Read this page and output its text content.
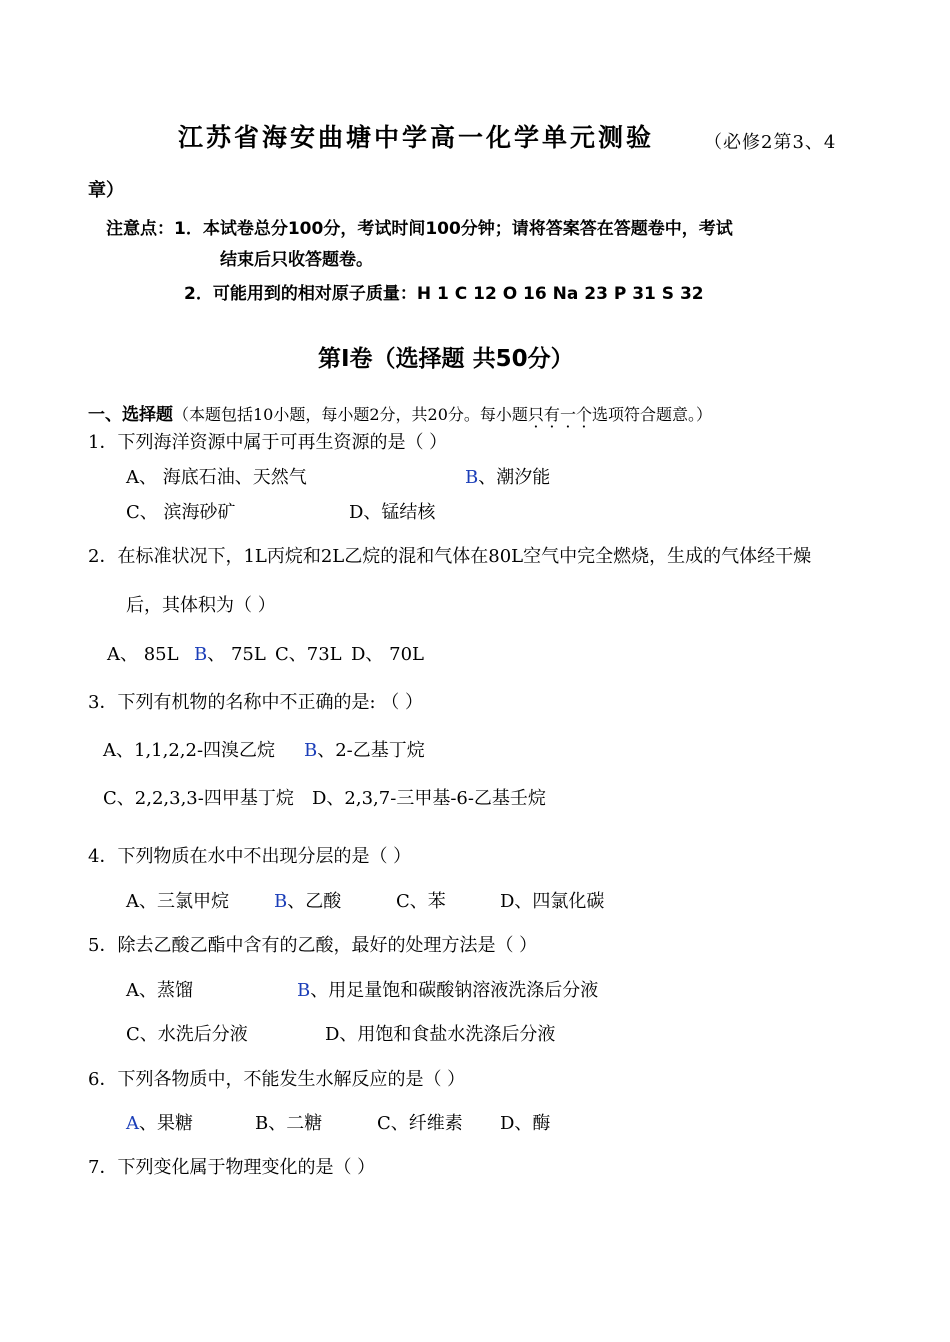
江苏省海安曲塘中学高一化学单元测验	（必修2第3、4
章）
注意点：1．本试卷总分100分，考试时间100分钟；请将答案答在答题卷中，考试
结束后只收答题卷。
2．可能用到的相对原子质量：H 1 C 12 O 16 Na 23 P 31 S 32
第Ⅰ卷（选择题 共50分）
一、选择题（本题包括10小题，每小题2分，共20分。每小题只有一个选项符合题意。）
1．下列海洋资源中属于可再生资源的是（ ）
A、 海底石油、天然气	B、潮汐能
C、 滨海砂矿	D、锰结核
2．在标准状况下，1L丙烷和2L乙烷的混和气体在80L空气中完全燃烧，生成的气体经干燥
后，其体积为（ ）
A、 85L B、 75L C、73L D、 70L
3．下列有机物的名称中不正确的是: （ ）
A、1,1,2,2-四溴乙烷 B、2-乙基丁烷
C、2,2,3,3-四甲基丁烷 D、2,3,7-三甲基-6-乙基壬烷
4．下列物质在水中不出现分层的是（ ）
A、三氯甲烷	B、乙酸	C、苯	D、四氯化碳
5．除去乙酸乙酯中含有的乙酸，最好的处理方法是（ ）
A、蒸馏	B、用足量饱和碳酸钠溶液洗涤后分液
C、水洗后分液	D、用饱和食盐水洗涤后分液
6．下列各物质中，不能发生水解反应的是（ ）
A、果糖	B、二糖	C、纤维素 D、酶
7．下列变化属于物理变化的是（ ）
